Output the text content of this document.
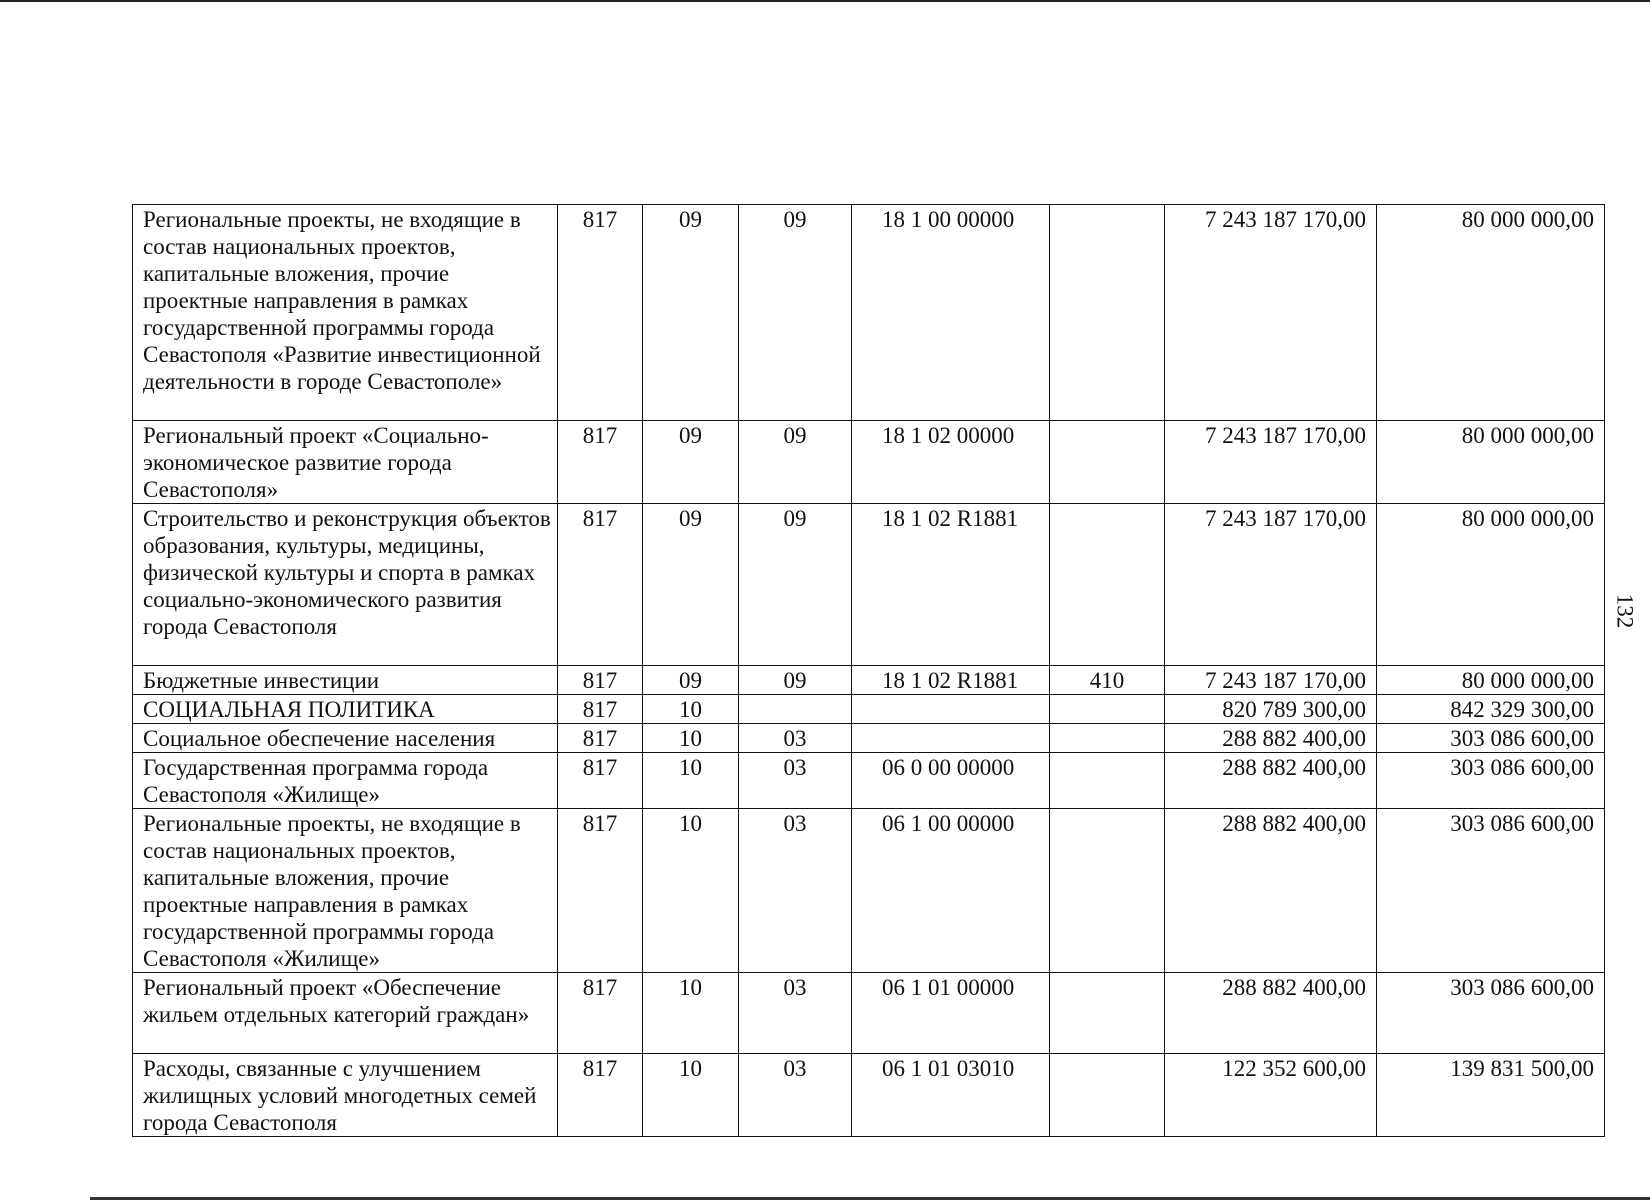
Региональные проекты, не входящие в состав национальных проектов, капитальные вложения, прочие проектные направления в рамках государственной программы города Севастополя «Развитие инвестиционной деятельности в городе Севастополе»	817	09	09	18 1 00 00000		7 243 187 170,00	80 000 000,00
Региональный проект «Социально-экономическое развитие города Севастополя»	817	09	09	18 1 02 00000		7 243 187 170,00	80 000 000,00
Строительство и реконструкция объектов образования, культуры, медицины, физической культуры и спорта в рамках социально-экономического развития города Севастополя	817	09	09	18 1 02 R1881		7 243 187 170,00	80 000 000,00
Бюджетные инвестиции	817	09	09	18 1 02 R1881	410	7 243 187 170,00	80 000 000,00
СОЦИАЛЬНАЯ ПОЛИТИКА	817	10				820 789 300,00	842 329 300,00
Социальное обеспечение населения	817	10	03			288 882 400,00	303 086 600,00
Государственная программа города Севастополя «Жилище»	817	10	03	06 0 00 00000		288 882 400,00	303 086 600,00
Региональные проекты, не входящие в состав национальных проектов, капитальные вложения, прочие проектные направления в рамках государственной программы города Севастополя «Жилище»	817	10	03	06 1 00 00000		288 882 400,00	303 086 600,00
Региональный проект «Обеспечение жильем отдельных категорий граждан»	817	10	03	06 1 01 00000		288 882 400,00	303 086 600,00
Расходы, связанные с улучшением жилищных условий многодетных семей города Севастополя	817	10	03	06 1 01 03010		122 352 600,00	139 831 500,00
132
